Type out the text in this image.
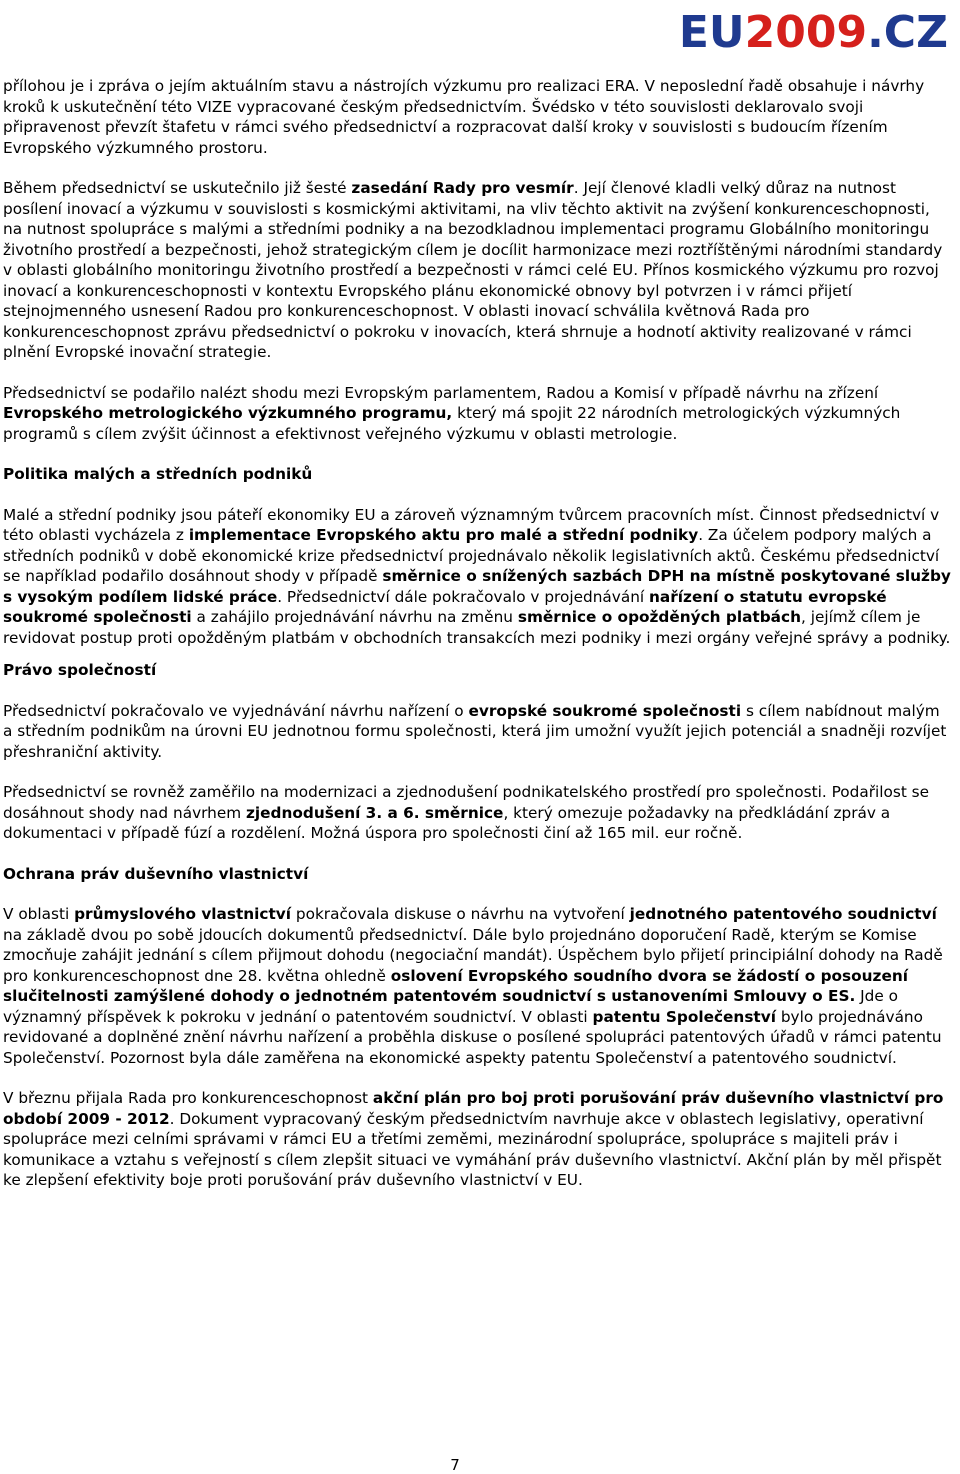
EU 2009 .CZ

přílohou je i zpráva o jejím aktuálním stavu a nástrojích výzkumu pro realizaci ERA. V neposlední řadě obsahuje i návrhy kroků k uskutečnění této VIZE vypracované českým předsednictvím. Švédsko v této souvislosti deklarovalo svoji připravenost převzít štafetu v rámci svého předsednictví a rozpracovat další kroky v souvislosti s budoucím řízením Evropského výzkumného prostoru.

Během předsednictví se uskutečnilo již šesté zasedání Rady pro vesmír. Její členové kladli velký důraz na nutnost posílení inovací a výzkumu v souvislosti s kosmickými aktivitami, na vliv těchto aktivit na zvýšení konkurenceschopnosti, na nutnost spolupráce s malými a středními podniky a na bezodkladnou implementaci programu Globálního monitoringu životního prostředí a bezpečnosti, jehož strategickým cílem je docílit harmonizace mezi roztříštěnými národními standardy v oblasti globálního monitoringu životního prostředí a bezpečnosti v rámci celé EU. Přínos kosmického výzkumu pro rozvoj inovací a konkurenceschopnosti v kontextu Evropského plánu ekonomické obnovy byl potvrzen i v rámci přijetí stejnojmenného usnesení Radou pro konkurenceschopnost. V oblasti inovací schválila květnová Rada pro konkurenceschopnost zprávu předsednictví o pokroku v inovacích, která shrnuje a hodnotí aktivity realizované v rámci plnění Evropské inovační strategie.

Předsednictví se podařilo nalézt shodu mezi Evropským parlamentem, Radou a Komisí v případě návrhu na zřízení Evropského metrologického výzkumného programu, který má spojit 22 národních metrologických výzkumných programů s cílem zvýšit účinnost a efektivnost veřejného výzkumu v oblasti metrologie.

Politika malých a středních podniků

Malé a střední podniky jsou páteří ekonomiky EU a zároveň významným tvůrcem pracovních míst. Činnost předsednictví v této oblasti vycházela z implementace Evropského aktu pro malé a střední podniky. Za účelem podpory malých a středních podniků v době ekonomické krize předsednictví projednávalo několik legislativních aktů. Českému předsednictví se například podařilo dosáhnout shody v případě směrnice o snížených sazbách DPH na místně poskytované služby s vysokým podílem lidské práce. Předsednictví dále pokračovalo v projednávání nařízení o statutu evropské soukromé společnosti a zahájilo projednávání návrhu na změnu směrnice o opožděných platbách, jejímž cílem je revidovat postup proti opožděným platbám v obchodních transakcích mezi podniky i mezi orgány veřejné správy a podniky.

Právo společností

Předsednictví pokračovalo ve vyjednávání návrhu nařízení o evropské soukromé společnosti s cílem nabídnout malým a středním podnikům na úrovni EU jednotnou formu společnosti, která jim umožní využít jejich potenciál a snadněji rozvíjet přeshraniční aktivity.

Předsednictví se rovněž zaměřilo na modernizaci a zjednodušení podnikatelského prostředí pro společnosti. Podařilost se dosáhnout shody nad návrhem zjednodušení 3. a 6. směrnice, který omezuje požadavky na předkládání zpráv a dokumentaci v případě fúzí a rozdělení. Možná úspora pro společnosti činí až 165 mil. eur ročně.

Ochrana práv duševního vlastnictví

V oblasti průmyslového vlastnictví pokračovala diskuse o návrhu na vytvoření jednotného patentového soudnictví na základě dvou po sobě jdoucích dokumentů předsednictví. Dále bylo projednáno doporučení Radě, kterým se Komise zmocňuje zahájit jednání s cílem přijmout dohodu (negociační mandát). Úspěchem bylo přijetí principiální dohody na Radě pro konkurenceschopnost dne 28. května ohledně oslovení Evropského soudního dvora se žádostí o posouzení slučitelnosti zamýšlené dohody o jednotném patentovém soudnictví s ustanoveními Smlouvy o ES. Jde o významný příspěvek k pokroku v jednání o patentovém soudnictví. V oblasti patentu Společenství bylo projednáváno revidované a doplněné znění návrhu nařízení a proběhla diskuse o posílené spolupráci patentových úřadů v rámci patentu Společenství. Pozornost byla dále zaměřena na ekonomické aspekty patentu Společenství a patentového soudnictví.

V březnu přijala Rada pro konkurenceschopnost akční plán pro boj proti porušování práv duševního vlastnictví pro období 2009 - 2012. Dokument vypracovaný českým předsednictvím navrhuje akce v oblastech legislativy, operativní spolupráce mezi celními správami v rámci EU a třetími zeměmi, mezinárodní spolupráce, spolupráce s majiteli práv i komunikace a vztahu s veřejností s cílem zlepšit situaci ve vymáhání práv duševního vlastnictví. Akční plán by měl přispět ke zlepšení efektivity boje proti porušování práv duševního vlastnictví v EU.

7
